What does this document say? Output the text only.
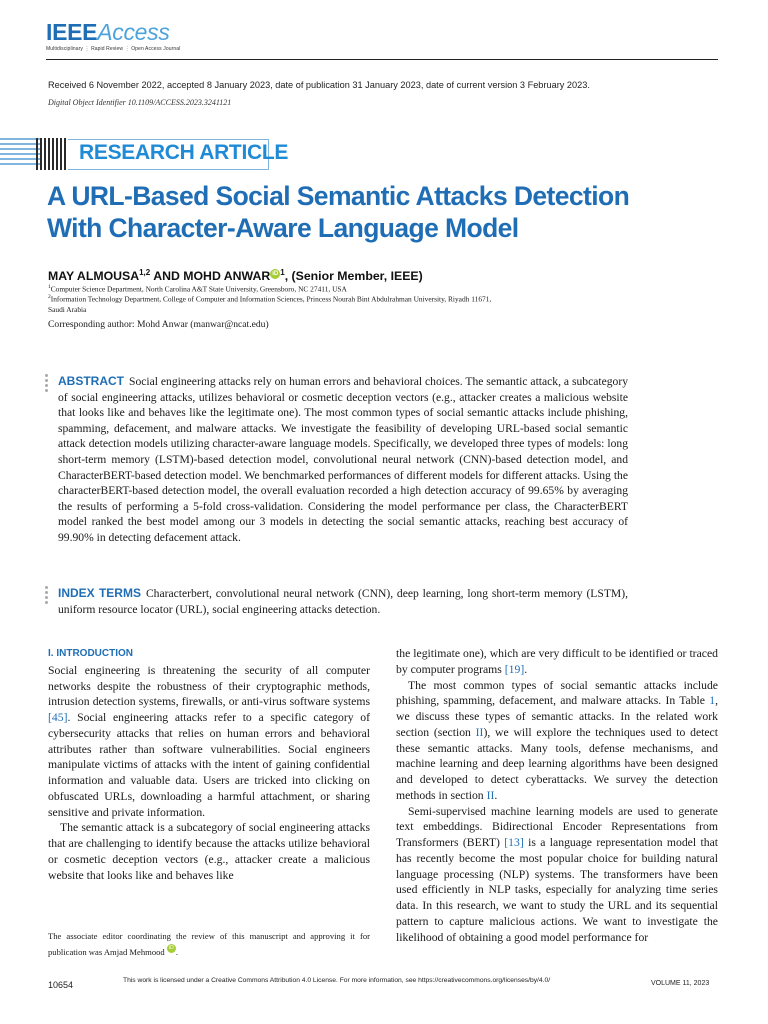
IEEEAccess
Multidisciplinary ⋮ Rapid Review ⋮ Open Access Journal
Received 6 November 2022, accepted 8 January 2023, date of publication 31 January 2023, date of current version 3 February 2023.
Digital Object Identifier 10.1109/ACCESS.2023.3241121
RESEARCH ARTICLE
A URL-Based Social Semantic Attacks Detection
With Character-Aware Language Model
MAY ALMOUSA$^{1,2}$ AND MOHD ANWAR iD $^1$, (Senior Member, IEEE)
$^1$Computer Science Department, North Carolina A&T State University, Greensboro, NC 27411, USA
$^2$Information Technology Department, College of Computer and Information Sciences, Princess Nourah Bint Abdulrahman University, Riyadh 11671,
Saudi Arabia
Corresponding author: Mohd Anwar (manwar@ncat.edu)
ABSTRACT Social engineering attacks rely on human errors and behavioral choices. The semantic attack, a subcategory of social engineering attacks, utilizes behavioral or cosmetic deception vectors (e.g., attacker creates a malicious website that looks like and behaves like the legitimate one). The most common types of social semantic attacks include phishing, spamming, defacement, and malware attacks. We investigate the feasibility of developing URL-based social semantic attack detection models utilizing character-aware language models. Specifically, we developed three types of models: long short-term memory (LSTM)-based detection model, convolutional neural network (CNN)-based detection model, and CharacterBERT-based detection model. We benchmarked performances of different models for different attacks. Using the characterBERT-based detection model, the overall evaluation recorded a high detection accuracy of 99.65% by averaging the results of performing a 5-fold cross-validation. Considering the model performance per class, the CharacterBERT model ranked the best model among our 3 models in detecting the social semantic attacks, reaching best accuracy of 99.90% in detecting defacement attack.
INDEX TERMS Characterbert, convolutional neural network (CNN), deep learning, long short-term memory (LSTM), uniform resource locator (URL), social engineering attacks detection.
I. INTRODUCTION

Social engineering is threatening the security of all computer networks despite the robustness of their cryptographic methods, intrusion detection systems, firewalls, or anti-virus software systems [45]. Social engineering attacks refer to a specific category of cybersecurity attacks that relies on human errors and behavioral attributes rather than software vulnerabilities. Social engineers manipulate victims of attacks with the intent of gaining confidential information and valuable data. Users are tricked into clicking on obfuscated URLs, downloading a harmful attachment, or sharing sensitive and private information.

The semantic attack is a subcategory of social engineering attacks that are challenging to identify because the attacks utilize behavioral or cosmetic deception vectors (e.g., attacker create a malicious website that looks like and behaves like

the legitimate one), which are very difficult to be identified or traced by computer programs [19].

The most common types of social semantic attacks include phishing, spamming, defacement, and malware attacks. In Table 1, we discuss these types of semantic attacks. In the related work section (section II), we will explore the techniques used to detect these semantic attacks. Many tools, defense mechanisms, and machine learning and deep learning algorithms have been designed and developed to detect cyberattacks. We survey the detection methods in section II.

Semi-supervised machine learning models are used to generate text embeddings. Bidirectional Encoder Representations from Transformers (BERT) [13] is a language representation model that has recently become the most popular choice for building natural language processing (NLP) systems. The transformers have been used efficiently in NLP tasks, especially for analyzing time series data. In this research, we want to study the URL and its sequential pattern to capture malicious actions. We want to investigate the likelihood of obtaining a good model performance for

The associate editor coordinating the review of this manuscript and approving it for publication was Amjad Mehmood iD .
10654	This work is licensed under a Creative Commons Attribution 4.0 License. For more information, see https://creativecommons.org/licenses/by/4.0/	VOLUME 11, 2023
